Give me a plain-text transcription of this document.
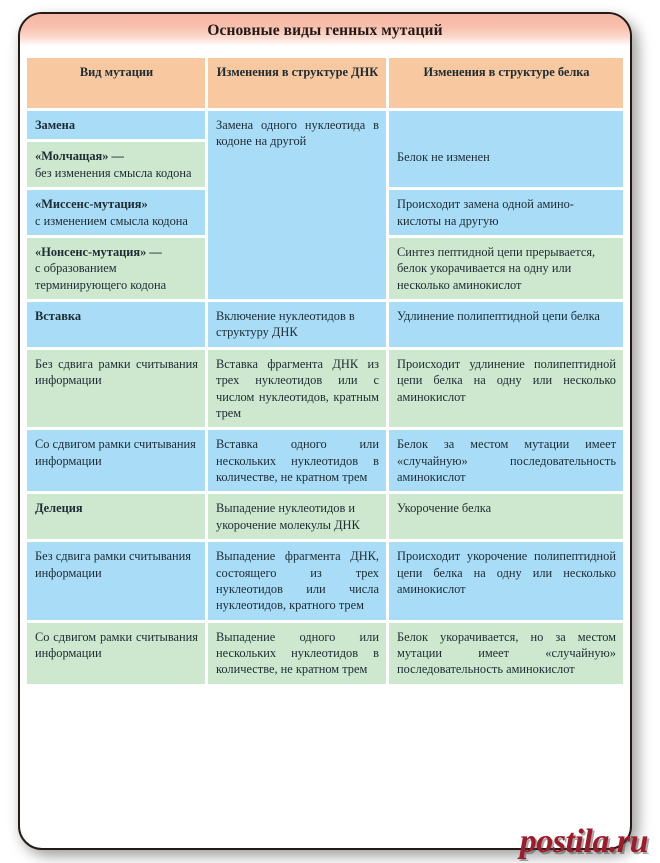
Основные виды генных мутаций
Вид мутации	Изменения в структуре ДНК	Изменения в структуре белка
Замена	Замена одного нуклеотида в кодоне на другой	Белок не изменен

«Молчащая» —
без изменения смысла кодона		
«Миссенс-мутация»
с изменением смысла кодона		Происходит замена одной амино-кислоты на другую
«Нонсенс-мутация» —
с образованием терминирующего кодона		Синтез пептидной цепи прерывается, белок укорачивается на одну или несколько аминокислот
Вставка	Включение нуклеотидов в структуру ДНК	Удлинение полипептидной цепи белка
Без сдвига рамки считывания информации	Вставка фрагмента ДНК из трех нуклеотидов или с числом нуклеотидов, кратным трем	Происходит удлинение полипептидной цепи белка на одну или несколько аминокислот
Со сдвигом рамки считывания информации	Вставка одного или нескольких нуклеотидов в количестве, не кратном трем	Белок за местом мутации имеет «случайную» последовательность аминокислот
Делеция	Выпадение нуклеотидов и укорочение молекулы ДНК	Укорочение белка
Без сдвига рамки считывания информации	Выпадение фрагмента ДНК, состоящего из трех нуклеотидов или числа нуклеотидов, кратного трем	Происходит укорочение полипептидной цепи белка на одну или несколько аминокислот
Со сдвигом рамки считывания информации	Выпадение одного или нескольких нуклеотидов в количестве, не кратном трем	Белок укорачивается, но за местом мутации имеет «случайную» последовательность аминокислот
postila.ru
